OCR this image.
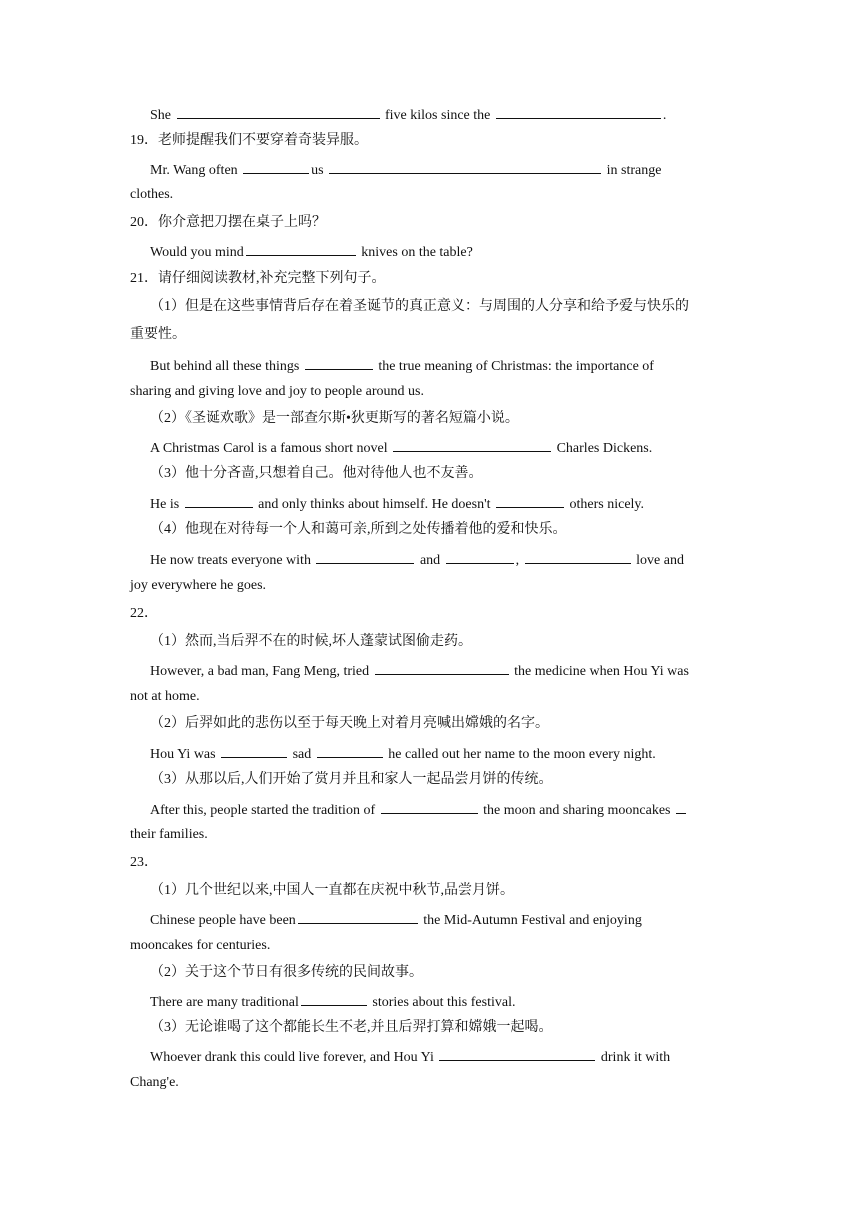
She	five kilos since the	.
19．老师提醒我们不要穿着奇装异服。
Mr. Wang often	us	in strange
clothes.
20．你介意把刀摆在桌子上吗？
Would you mind	knives on the table?
21．请仔细阅读教材,补充完整下列句子。
（1）但是在这些事情背后存在着圣诞节的真正意义：与周围的人分享和给予爱与快乐的
重要性。
But behind all these things	the true meaning of Christmas: the importance of
sharing and giving love and joy to people around us.
（2）《圣诞欢歌》是一部查尔斯•狄更斯写的著名短篇小说。
A Christmas Carol is a famous short novel	Charles Dickens.
（3）他十分吝啬,只想着自己。他对待他人也不友善。
He is	and only thinks about himself. He doesn't	others nicely.
（4）他现在对待每一个人和蔼可亲,所到之处传播着他的爱和快乐。
He now treats everyone with	and	,	love and
joy everywhere he goes.
22．
（1）然而,当后羿不在的时候,坏人蓬蒙试图偷走药。
However, a bad man, Fang Meng, tried	the medicine when Hou Yi was
not at home.
（2）后羿如此的悲伤以至于每天晚上对着月亮喊出嫦娥的名字。
Hou Yi was	sad	he called out her name to the moon every night.
（3）从那以后,人们开始了赏月并且和家人一起品尝月饼的传统。
After this, people started the tradition of	the moon and sharing mooncakes
their families.
23．
（1）几个世纪以来,中国人一直都在庆祝中秋节,品尝月饼。
Chinese people have been	the Mid-Autumn Festival and enjoying
mooncakes for centuries.
（2）关于这个节日有很多传统的民间故事。
There are many traditional	stories about this festival.
（3）无论谁喝了这个都能长生不老,并且后羿打算和嫦娥一起喝。
Whoever drank this could live forever, and Hou Yi	drink it with
Chang'e.
